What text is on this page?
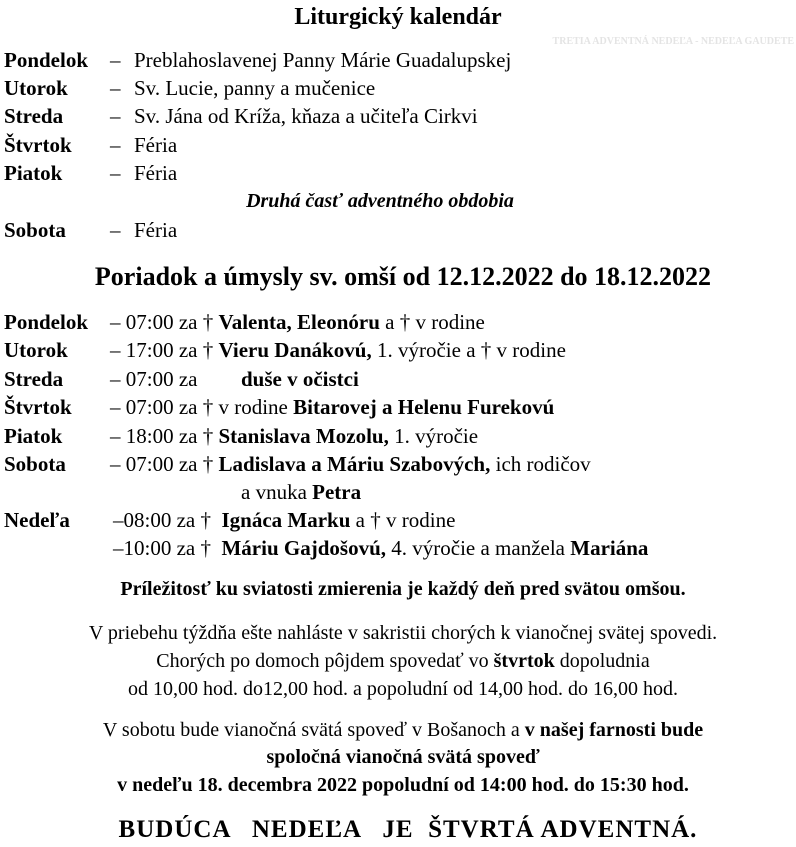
Liturgický kalendár
TRETIA ADVENTNÁ NEDEĽA - NEDEĽA GAUDETE
Pondelok – Preblahoslavenej Panny Márie Guadalupskej
Utorok – Sv. Lucie, panny a mučenice
Streda – Sv. Jána od Kríža, kňaza a učiteľa Cirkvi
Štvrtok – Féria
Piatok – Féria
Druhá časť adventného obdobia
Sobota – Féria
Poriadok a úmysly sv. omší od 12.12.2022 do 18.12.2022
Pondelok – 07:00 za † Valenta, Eleonóru a † v rodine
Utorok – 17:00 za † Vieru Danákovú, 1. výročie a † v rodine
Streda – 07:00 za duše v očistci
Štvrtok – 07:00 za † v rodine Bitarovej a Helenu Furekovú
Piatok – 18:00 za † Stanislava Mozolu, 1. výročie
Sobota – 07:00 za † Ladislava a Máriu Szabových, ich rodičov
a vnuka Petra
Nedeľa –08:00 za † Ignáca Marku a † v rodine
–10:00 za † Máriu Gajdošovú, 4. výročie a manžela Mariána
Príležitosť ku sviatosti zmierenia je každý deň pred svätou omšou.
V priebehu týždňa ešte nahláste v sakristii chorých k vianočnej svätej spovedi.
Chorých po domoch pôjdem spovedať vo štvrtok dopoludnia
od 10,00 hod. do12,00 hod. a popoludní od 14,00 hod. do 16,00 hod.
V sobotu bude vianočná svätá spoveď v Bošanoch a v našej farnosti bude
spoločná vianočná svätá spoveď
v nedeľu 18. decembra 2022 popoludní od 14:00 hod. do 15:30 hod.
BUDÚCA   NEDEĽA   JE  ŠTVRTÁ ADVENTNÁ.
